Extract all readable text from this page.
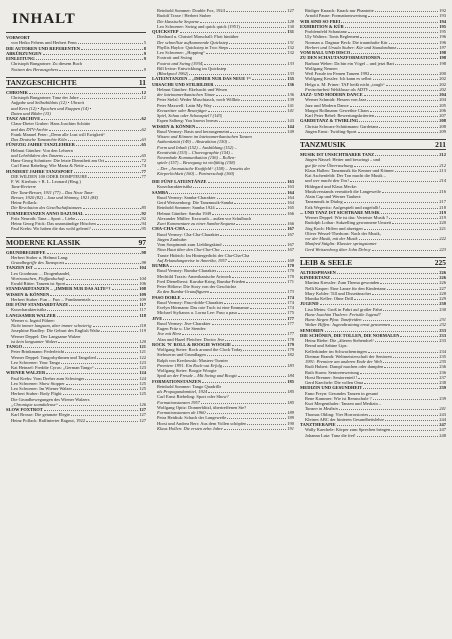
INHALT
VORWORT
von Heiko Fehens und Herbert Fenn	5
DIE AUTOREN UND REFERENTEN	8
ABKÜRZUNGEN	9
EINLEITUNG	9
Christoph Bungartner: Zu diesem Buch
Notizen des Herausgebers	9
TANZGESCHICHTE	11
CHRONIK	12
Christoph Bungartner: Tanz der Jahre	12
Aufgabe und Selbstbildnis (12) • Uhrzeit
und Kern (12) • Epochen und Etappen (14) •
Daten und Bilder (15)
TANZ ARCHIVE	62
Claus-Dieter Gruber: Hans Joachim Schütte
und das DTV-Archiv	62
Frank Manuel Peter: „Denn alle Lust will Ewigkeit“
Das Deutsche Tanzarchiv Köln	63
FÜNFZIG JAHRE TANZLEHRER	65
Helmut Günther: Von den Lehrern
und Lehrbildern des Tanzens	65
Hans-Georg Schnitzer: Die letzte Dienstheit am Ort	72
Carl Ernst Rabeling: Wie Marta & Nette	74
HUNDERT JAHRE TANZSPORT	77
DIE WILDEN 100 ODER DOMPTEURE	77
F. W. Kierhuis + R. L. Leonard (Hrsg.)
Tanz-Revierre
Der Tanz-Beruer, 1911 (77) – Das Neue Tanz-
Beruer, 1920 (82) – Jazz und Shimmy, 1921 (84)
Heinz Pollack:
Die Revolution des Gesellschaftstanzes	85
TURNIERTANZEN ANNO DAZUMAL	92
Fritz Neuroth: Tanz – Sport – Liebe	92
Heinz Georg Frick: Das unanständige Höschen	94
Paul Krebs: Wo haben die das wohl gelernt?	95
MODERNE KLASSIK	97
GRUNDBEGRIFFE	98
Herbert Stuber u. Helmut Lang:
Grundbegriffe des Tanzsports	98
TANZEN IST ...	104
Lex Goodman: ... Drogenhandel,
Wortrauschen, Fluffandschaft	104
Ewald Ritter: Tanzen ist Sport	106
STANDARDTANZEN – „IMMER NUR DAS ALTE“?	108
WISSEN & KÖNNEN	109
Herbert Stuber: Fun ... Fun ... Fundamentals	109
DIE FÜNF STANDARDTÄNZE	117
Kurzcharakteristika	117
LANGSAMER WALZER	118
Werner u. Ingrid Führer:
Nicht immer langsam, aber immer schwierig	118
Josephine Bradley: Die Geburt des English Waltz	119
Werner Deppel: Der Langsame Walzer
ist kein langsamer Walzer	120
TANGO	121
Peter Brinkmann: Federleicht	121
Werner Deppel: Tangorhythmen und Tangolied	122
Leo Schwener: Your Tango	123
Kai Heinzel: Freddie Cyrus: „German Tango“	123
WIENER WALZER	124
Paul Krebs: Vom Dreher zum Schwinger	124
Leo Schwener: Show Stopper	125
Leo Schwener: Im Wiener Walzer	125
Herbert Stuber: Body Flight	125
Die Grundbewegungen des Wiener Walzers
„Chronique scandaleuse“	126
SLOW FOXTROT	127
Karl Brosse: Die getanzte Elegie	127
Heinz Pollack: Raffinierter Ragout, 1922	127
Reinhold Sommer: Double Fox, 1924	127
Rudolf Traxe / Herbert Stuber
Die klassische Sequenz	128
Leo Schwener: Swing and quick quick (1951)	130
QUICKSTEP	131
Diethard u. Christel Marschall: Flott hintüber
Der schnellste aufkommende Quickstep	131
Phyllis Haylor: Quickstep in Two Steps	132
Leo Schwener: „Hopping“	132
Foxtrott und Swing
Foxtrot and Swing (1934)	133
Bill Irvine: Entwicklung im Quickstep
(Blackpool 1962)	133
LATEINTANZEN – „IMMER NUR DAS NEUE ?“	135
URSACHE UND STILBILDER	136
Helmut Günther: Ekelsucht und Wesen
der lateinamerikanischen Tänze	136
Peter Stelzl: Weder Muschtasch, noch Willkür	139
Peter Maxwell: Latin My Way	141
Kreuzritter oder Beutejäger	141
Spiel, Schau oder Schauspiel? (143)
Espen Salberg: You knows bravas	143
WISSEN & KÖNNEN	144
Ruud Vermey: Basis und herausgemeint	149
Wissen und Können im lateinamerikanischen Tanzen
Authentizität (149) – Abstraktion (150) –
Form und Inhalt (152) – Ausbildung (152) –
Kreativität (153) – Choreographie (154) –
Novembale Kommunikation (156) – Rollen-
spiele (157) – Bewegung ist vielfältig (158)
– Der „Aromatische Kraftfeld“ (158) – Jenseits der
Körperlichkeit (160) – Partnerschaft (160)
DIE FÜNF LATEINTÄNZE	163
Kurzcharakteristika	163
SAMBA	164
Ruud Vermey: Samba-Charakter	164
Gerd Weissenborg: Die Tanzmusik-Samba	164
Reinhold Sommer: Samba 1924	165
Helmut Günther: Samba 1949	166
Alexander Müller: Exzwarth – außen vor Schulbuch
Zwei Kommentare zu einer Samba-Sequenz	166
CHA-CHA-CHA	167
Ruud Vermey: Cha-Cha-Charakter	167
Jürgen Zunhube:
Vom Soupimmit zum Lieblingskind	167
Nina Haut über den Cha-Cha-Cha	167
Traute Hidrich: Im Hintergedicht der Cha-Cha-Cha
Auf Erkundungsreise in Amerika, 1957	169
RUMBA	170
Ruud Vermey: Rumba-Charakter	170
Mechtild Traxis: Amerikanische Artwork	170
Fred Dienelherst: Kuruba-Krieg, Rumba-Frieden	171
Peter Hölterz: Die Story von der Geschichte
Zu den Rumba-Grundfiguren	173
PASO DOBLE	174
Ruud Vermey: Paso-doble-Charakter	174
Evelyn Hörmann: Das rote Tuch ist eine Emmanue	174
Michael Stylianos u. Lorna Lee: Paso a paso	175
JIVE	177
Ruud Vermey: Jive-Charakter	177
Eugen Fritz u. Ute Stender:
Jive mit Herz	177
Alan und Hazel Fletcher: Doctor Jive	178
ROCK 'N' ROLL & BOOGIE WOOGIE	179
Wolfgang Steier: Rock around the Clock Today	179
Stehwerrn und Grundlagen	182
Ralph von Kredowski: Masters-Turnier
Premiere 1991. Ein Rock-out Erfolg	183
Wolfgang Steier: Boogie Woogie
Spaß an der Freude – Mit Swing und Boogie	184
FORMATIONSTANZEN	185
Reinhold Sommer: Tango Quadrille
als Propagandamittel, 1924	185
Carl Ernst Riebeling: Sport oder Show?
Formationstanzen 1957	185
Wolfgang Opitz: Donnerblitzl, übertreffenen Sie?
Formationstanzen ab 1960	189
Petra Heidiuk: Schach der Langeweile	189
Horst und Andrea Berr: Aus dem Vollen schöpfen	190
Klaus Hollen: Die ersten zehn Jahre	191
Rüdiger Knaack: Knack nur Phantotte	192
Arnold Pause: Formationswertung	193
WIR SIND SO FREI	194
EXHIBITION & KÜR	195
Problemfeld Schautanz	195
Uly Walters: Tonis Reglement	196
Norman a. Dagmar Beck: Die traumhafte Kür	196
Herbert und Ursula Stuber: Kür und Standardtanz	197
VOM BALL UND DISCO	198
ZU DEN SCHAUTANZFORMATIONEN	198
Barbara Weber: Da bin ein Vögel – und jetzt Bari	198
Wolfgang Neuner:
Weil Fraule im Femen Tanzen 1992	200
Wolfgang Kessler: Ich kann es selbst	202
Helga u. M. Priner: TAF heißt nicht „tough“	202
Freizeitarbeit Weltklasse als ADTV	202
JAZZ- UND MODERN DANCE	204
Werner Schmidt: Hessen von Jazz	204
Jazz und Modern Dance	205
Margot Bollmann: Geweihte Chaos	206
Karl Peter Bebel: Bewertungskriterien	207
GARDETANZ & TWIRLING	208
Christa Schwarz-Schüttmann: Gardetanz	208
Jürgen Ernst: Twirling-Sport	209
TANZMUSIK	211
MUSIK IST UNSICHTBARER TANZ	212
Jürgen Nässel: Heiter und beswingt – und
gut für eine Überraschung	212
Klaus Hallen: Tanzmusik für Kenner und Könner	213
Kai Aschenfeldt: Der Ton macht die Musik –
und wer macht den Ton?	214
Hildegard und Klaus Mecke:
Musikverstands vermittelt die Langeweile	216
Alain Cap und Werner Taubert:
Tanzmusik in Dialog	217
Erik Wegevitz: Aufgespielt und zugefallt!	218
... UND TANZ IST SICHTBARE MUSIK	219
Werner Deppel: Wie ist das: Verteiste Musik ?	219
Rudolph Lothar: Sukzelling gewonnene Umzeit	220
Jörg Koch: Hiffen und abzeigen	221
Oliver Wessel-Therhorn: Nach der Musik,
vor der Musik, mit der Musik	222
Manfred Stäglin: Klassier springstamer
Gerd Weissenborg über John Delroy	223
LEIB & SEELE	225
ALTERSPHASEN	226
KINDERTANZ	226
Martina Kressler: Zum Thema gewonden	226
Nelli Kasper: Eine Lanze für den Kindertanz	227
Mary Kobler: Till und Dissetänzcher	228
Monika Keller: Ohne Drill	229
JUGEND	230
Lisa Meins: Groß in Fahrt auf großer Fahrt	230
Hans-Joachim Thalern: Freistile Jugend?
Hans-Jürgen Pfau: Tanzfreiden	231
Walter Hiffen: Jugendtraining ernst genommen	232
SENIOREN	233
DIE SCHÖNEN, DIE TOLLEN, DIE NORMALEN	233
Heinz Riebe: Die „älteren Stehendcel“	233
Bernd und Sabine Lips:
Kellerkinder im Schwachenringen	234
Dietmar Brandt: Weltmeisterschaft der Senioren	235
1991: Premiere am anderen Ende der Welt	235
Rudi Hubert: Dampf machen oder dampfen	236
Ruth Sturm: Seniorenwertung	236
Horst Brenner: Seniorenteil !	237
Gerd Kaechele: Die vollen Oma	238
MEDIZIN UND GESUNDHEIT	239
Enno Freyn: Gesundes Tanzen in gesund
Rene Kummer: Wie ist Rennschule ?	239
Kurt Mergenthaler: Tanzen und Medizin –
Tanzen in Medizin	241
Thomas Ohling: Vier Horrorstories	243
Kleines ABC der hinteren Gesundheitslehre	244
TANZTHERAPIE	247
Wally Kaechele: Körper zum Sprechen bringen	247
Johanna Lutz: Tanz die frei!	248
